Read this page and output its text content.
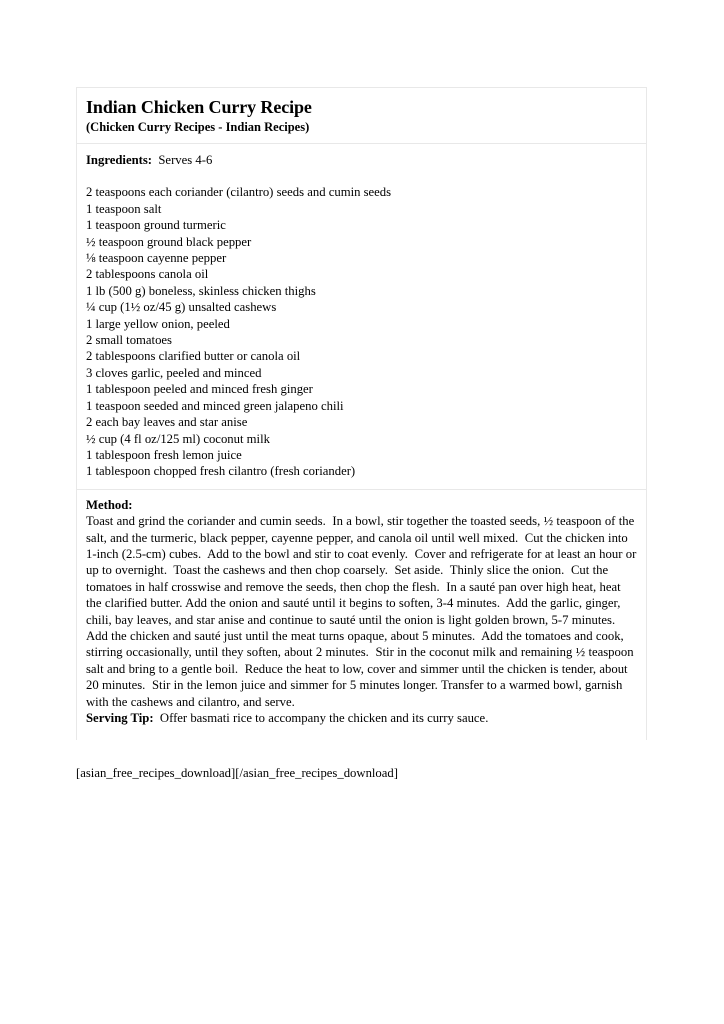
Indian Chicken Curry Recipe
(Chicken Curry Recipes - Indian Recipes)

Ingredients: Serves 4-6

2 teaspoons each coriander (cilantro) seeds and cumin seeds
1 teaspoon salt
1 teaspoon ground turmeric
½ teaspoon ground black pepper
⅛ teaspoon cayenne pepper
2 tablespoons canola oil
1 lb (500 g) boneless, skinless chicken thighs
¼ cup (1½ oz/45 g) unsalted cashews
1 large yellow onion, peeled
2 small tomatoes
2 tablespoons clarified butter or canola oil
3 cloves garlic, peeled and minced
1 tablespoon peeled and minced fresh ginger
1 teaspoon seeded and minced green jalapeno chili
2 each bay leaves and star anise
½ cup (4 fl oz/125 ml) coconut milk
1 tablespoon fresh lemon juice
1 tablespoon chopped fresh cilantro (fresh coriander)
Method:
Toast and grind the coriander and cumin seeds.  In a bowl, stir together the toasted seeds, ½ teaspoon of the salt, and the turmeric, black pepper, cayenne pepper, and canola oil until well mixed.  Cut the chicken into 1-inch (2.5-cm) cubes.  Add to the bowl and stir to coat evenly.  Cover and refrigerate for at least an hour or up to overnight.  Toast the cashews and then chop coarsely.  Set aside.  Thinly slice the onion.  Cut the tomatoes in half crosswise and remove the seeds, then chop the flesh.  In a sauté pan over high heat, heat the clarified butter. Add the onion and sauté until it begins to soften, 3-4 minutes.  Add the garlic, ginger, chili, bay leaves, and star anise and continue to sauté until the onion is light golden brown, 5-7 minutes.  Add the chicken and sauté just until the meat turns opaque, about 5 minutes.  Add the tomatoes and cook, stirring occasionally, until they soften, about 2 minutes.  Stir in the coconut milk and remaining ½ teaspoon salt and bring to a gentle boil.  Reduce the heat to low, cover and simmer until the chicken is tender, about 20 minutes.  Stir in the lemon juice and simmer for 5 minutes longer. Transfer to a warmed bowl, garnish with the cashews and cilantro, and serve.
Serving Tip: Offer basmati rice to accompany the chicken and its curry sauce.
[asian_free_recipes_download][/asian_free_recipes_download]
